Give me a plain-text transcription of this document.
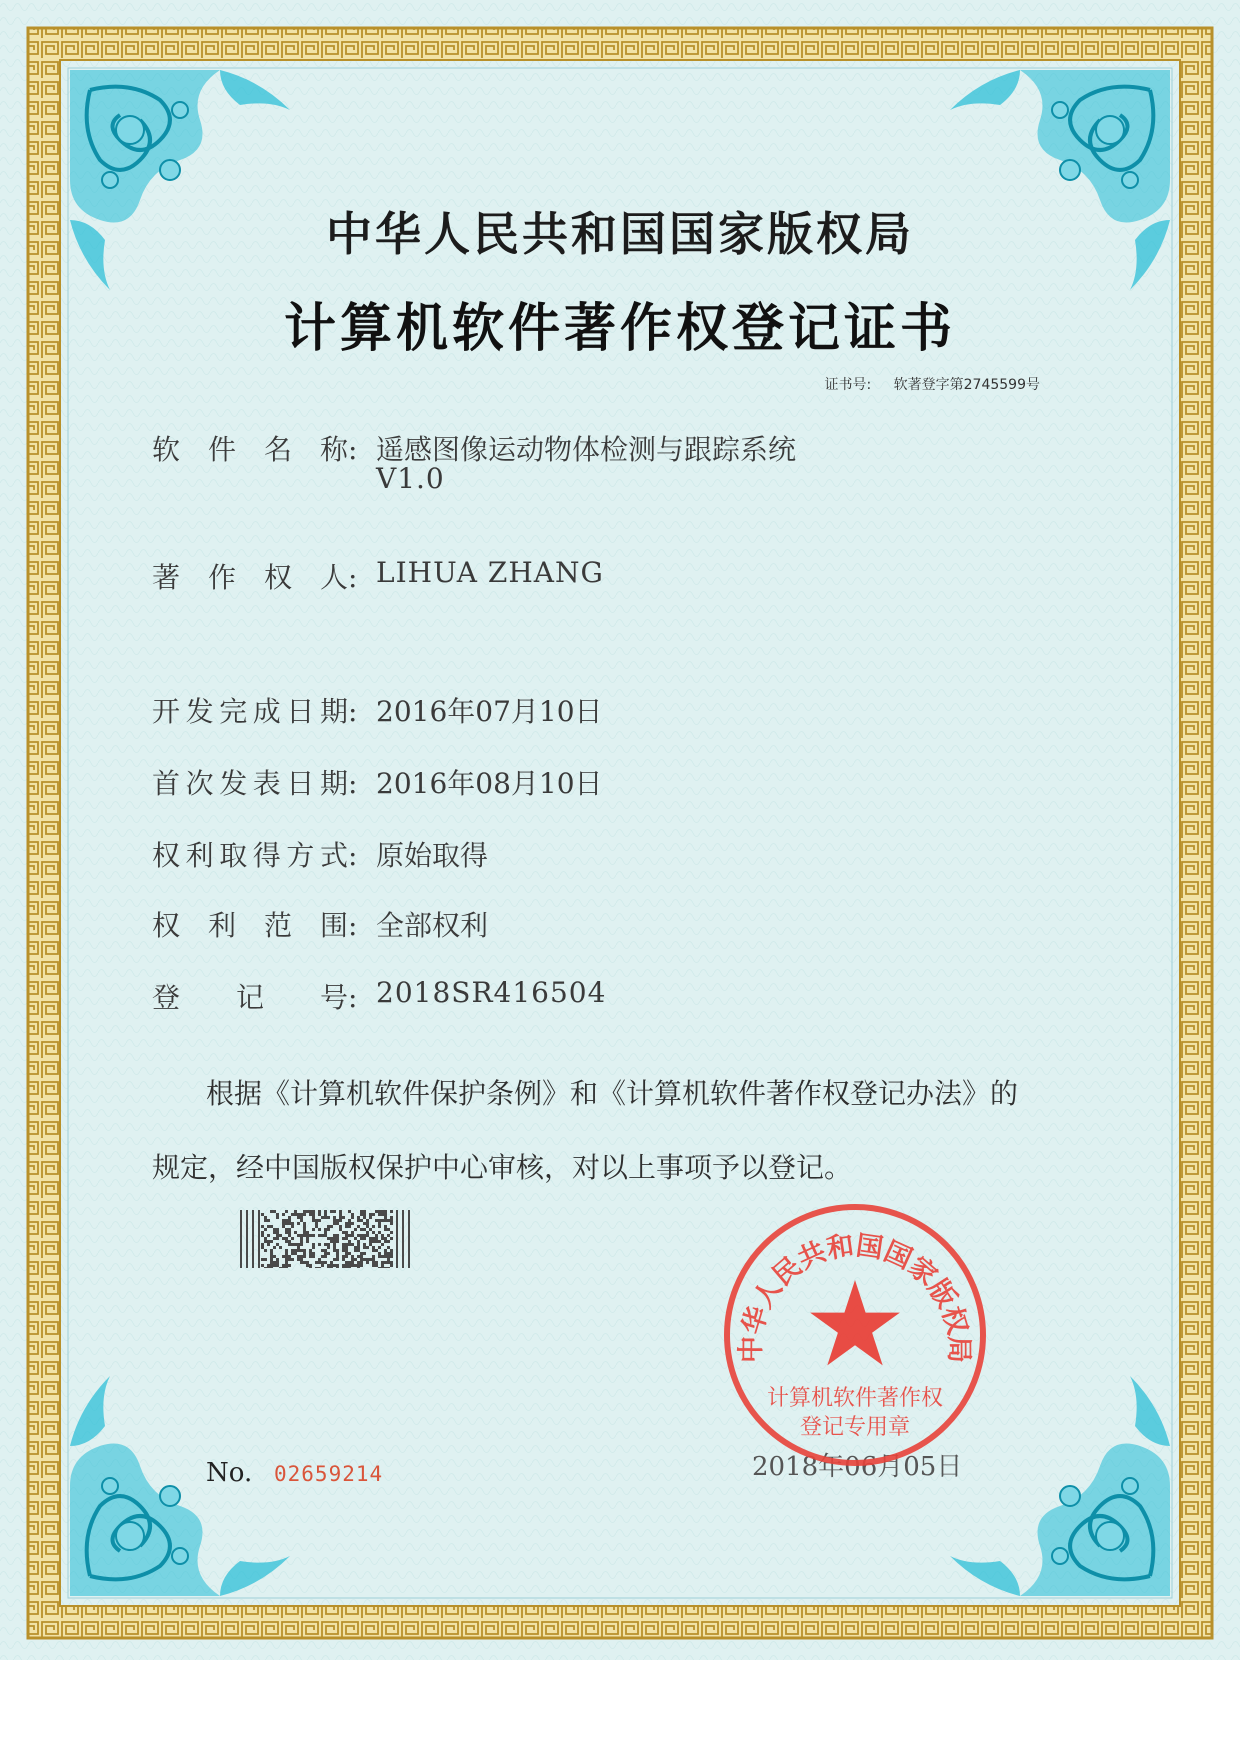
中华人民共和国国家版权局
计算机软件著作权登记证书
证书号: 软著登字第2745599号
软件名称: 遥感图像运动物体检测与跟踪系统
V1.0
著作权人: LIHUA ZHANG
开发完成日期: 2016年07月10日
首次发表日期: 2016年08月10日
权利取得方式: 原始取得
权利范围: 全部权利
登记号: 2018SR416504
根据《计算机软件保护条例》和《计算机软件著作权登记办法》的
规定，经中国版权保护中心审核，对以上事项予以登记。
No. 02659214	2018年06月05日
中华人民共和国国家版权局
计算机软件著作权
登记专用章
